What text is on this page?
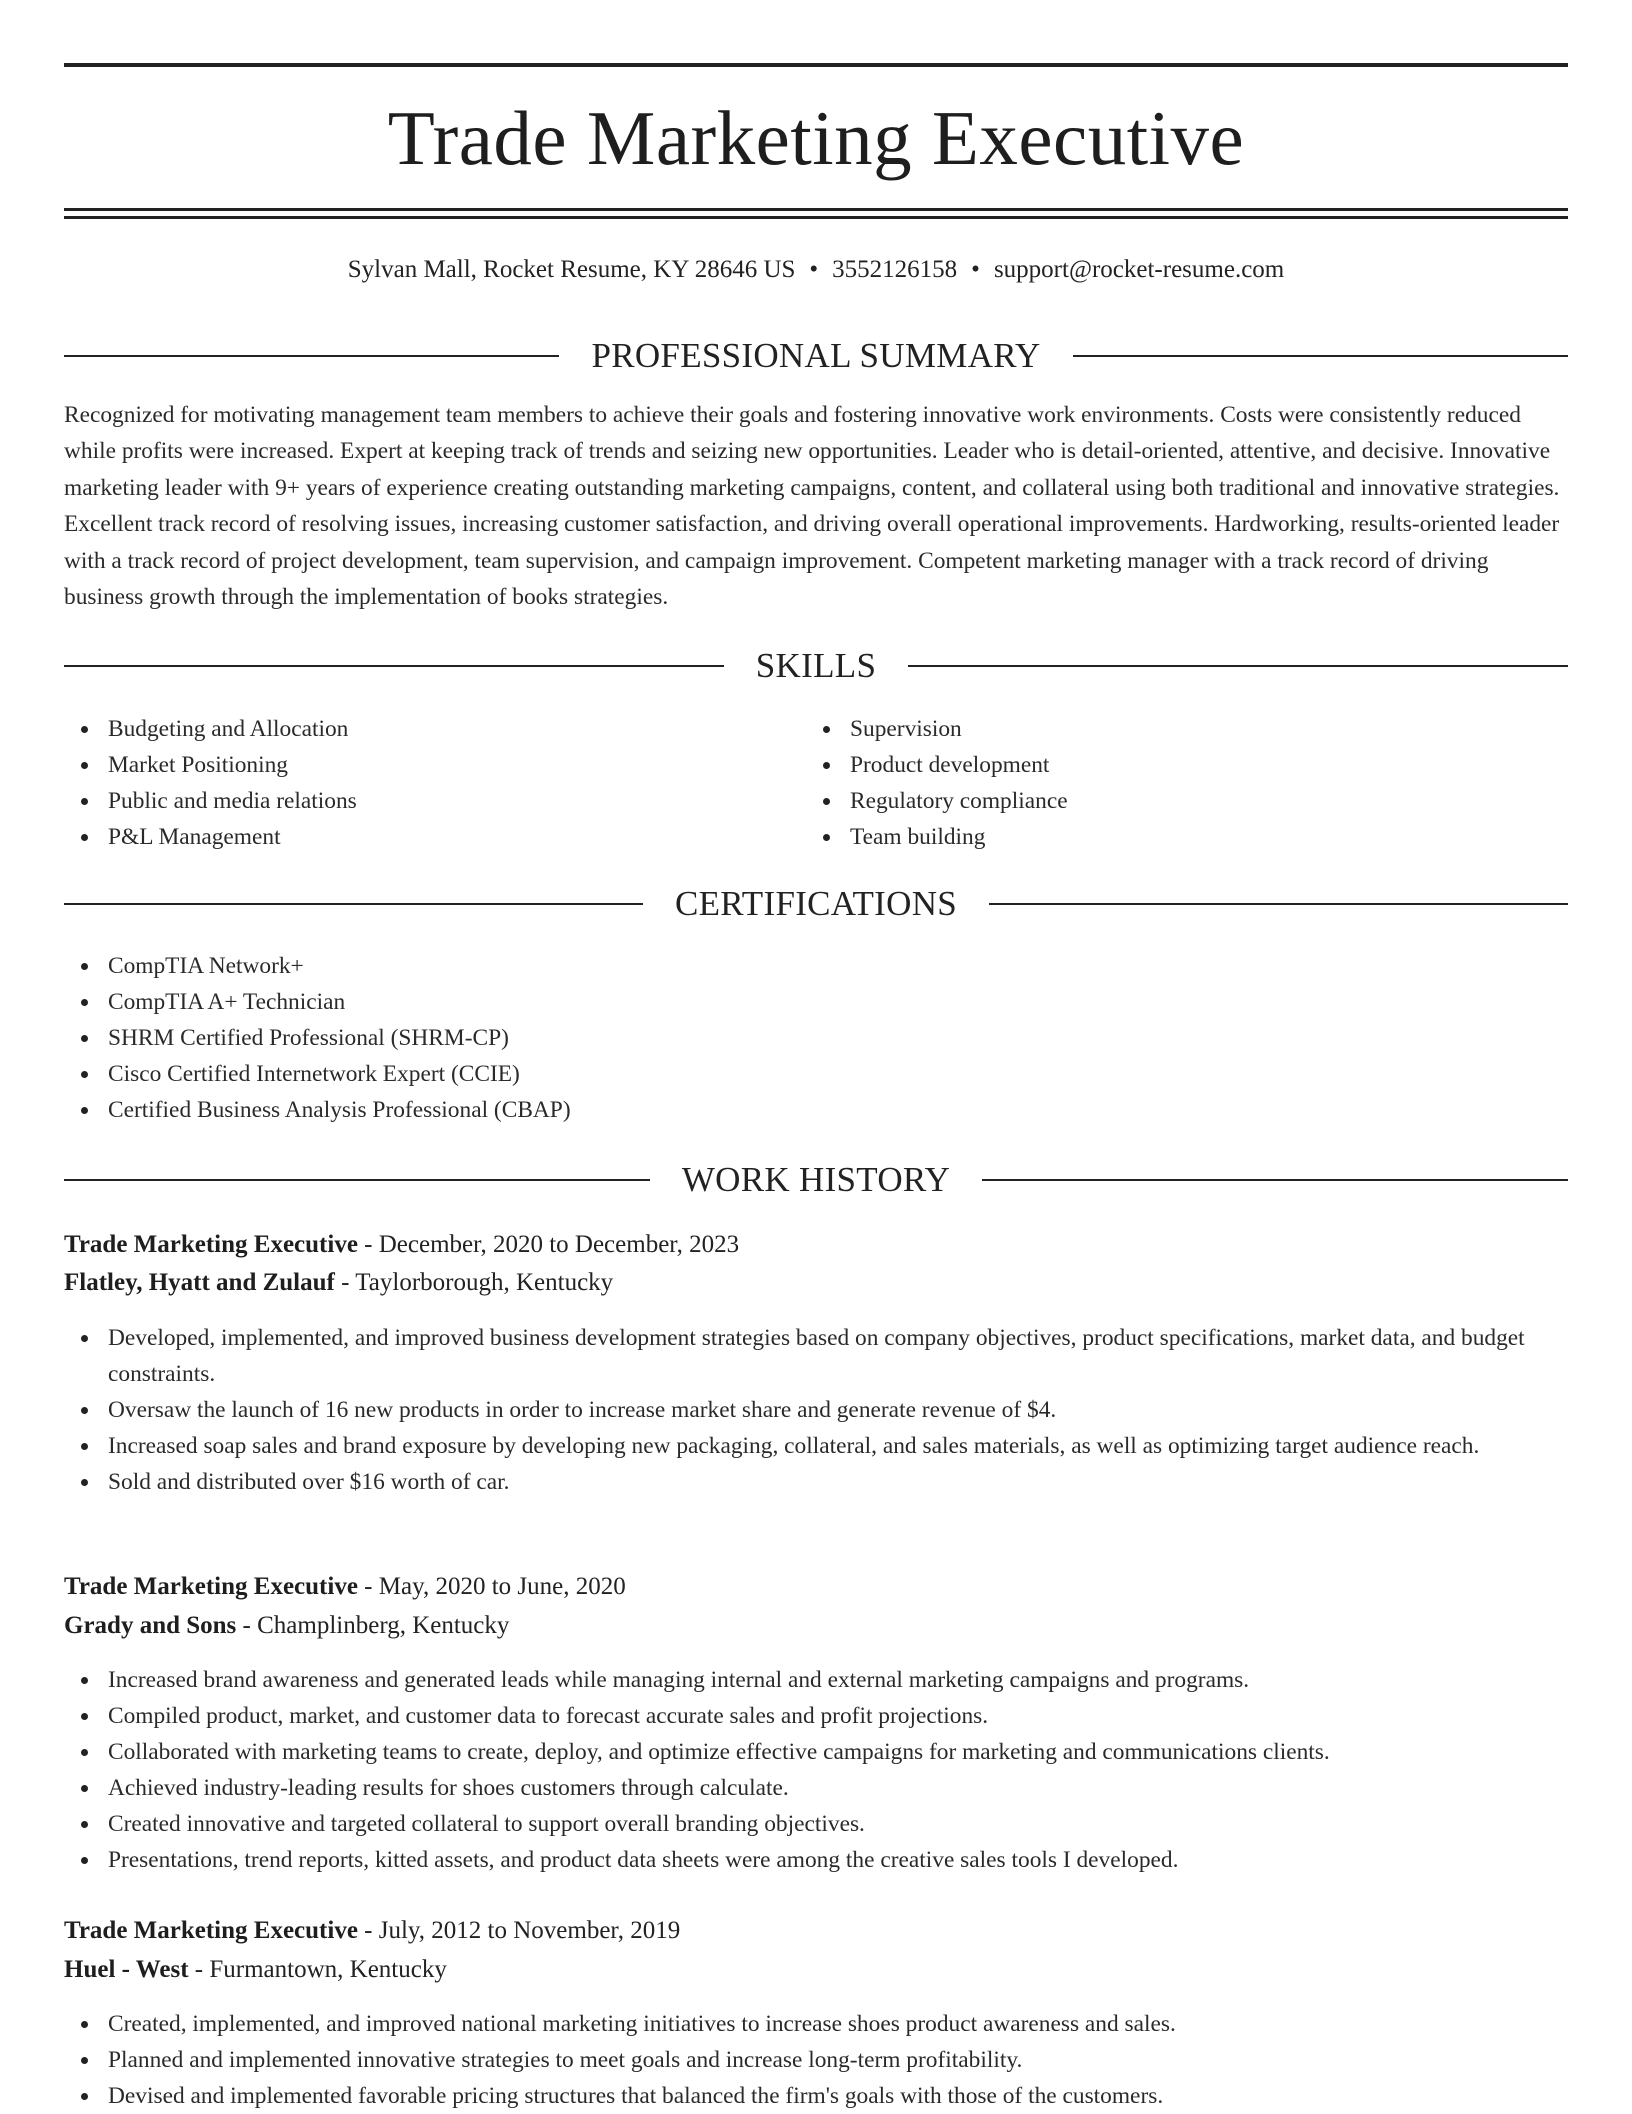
Trade Marketing Executive
Sylvan Mall, Rocket Resume, KY 28646 US • 3552126158 • support@rocket-resume.com
PROFESSIONAL SUMMARY

Recognized for motivating management team members to achieve their goals and fostering innovative work environments. Costs were consistently reduced while profits were increased. Expert at keeping track of trends and seizing new opportunities. Leader who is detail-oriented, attentive, and decisive. Innovative marketing leader with 9+ years of experience creating outstanding marketing campaigns, content, and collateral using both traditional and innovative strategies. Excellent track record of resolving issues, increasing customer satisfaction, and driving overall operational improvements. Hardworking, results-oriented leader with a track record of project development, team supervision, and campaign improvement. Competent marketing manager with a track record of driving business growth through the implementation of books strategies.

SKILLS
Budgeting and Allocation
Market Positioning
Public and media relations
P&L Management
Supervision
Product development
Regulatory compliance
Team building
CERTIFICATIONS
CompTIA Network+
CompTIA A+ Technician
SHRM Certified Professional (SHRM-CP)
Cisco Certified Internetwork Expert (CCIE)
Certified Business Analysis Professional (CBAP)
WORK HISTORY
Trade Marketing Executive - December, 2020 to December, 2023
Flatley, Hyatt and Zulauf - Taylorborough, Kentucky
Developed, implemented, and improved business development strategies based on company objectives, product specifications, market data, and budget constraints.
Oversaw the launch of 16 new products in order to increase market share and generate revenue of $4.
Increased soap sales and brand exposure by developing new packaging, collateral, and sales materials, as well as optimizing target audience reach.
Sold and distributed over $16 worth of car.
Trade Marketing Executive - May, 2020 to June, 2020
Grady and Sons - Champlinberg, Kentucky
Increased brand awareness and generated leads while managing internal and external marketing campaigns and programs.
Compiled product, market, and customer data to forecast accurate sales and profit projections.
Collaborated with marketing teams to create, deploy, and optimize effective campaigns for marketing and communications clients.
Achieved industry-leading results for shoes customers through calculate.
Created innovative and targeted collateral to support overall branding objectives.
Presentations, trend reports, kitted assets, and product data sheets were among the creative sales tools I developed.
Trade Marketing Executive - July, 2012 to November, 2019
Huel - West - Furmantown, Kentucky
Created, implemented, and improved national marketing initiatives to increase shoes product awareness and sales.
Planned and implemented innovative strategies to meet goals and increase long-term profitability.
Devised and implemented favorable pricing structures that balanced the firm's goals with those of the customers.
